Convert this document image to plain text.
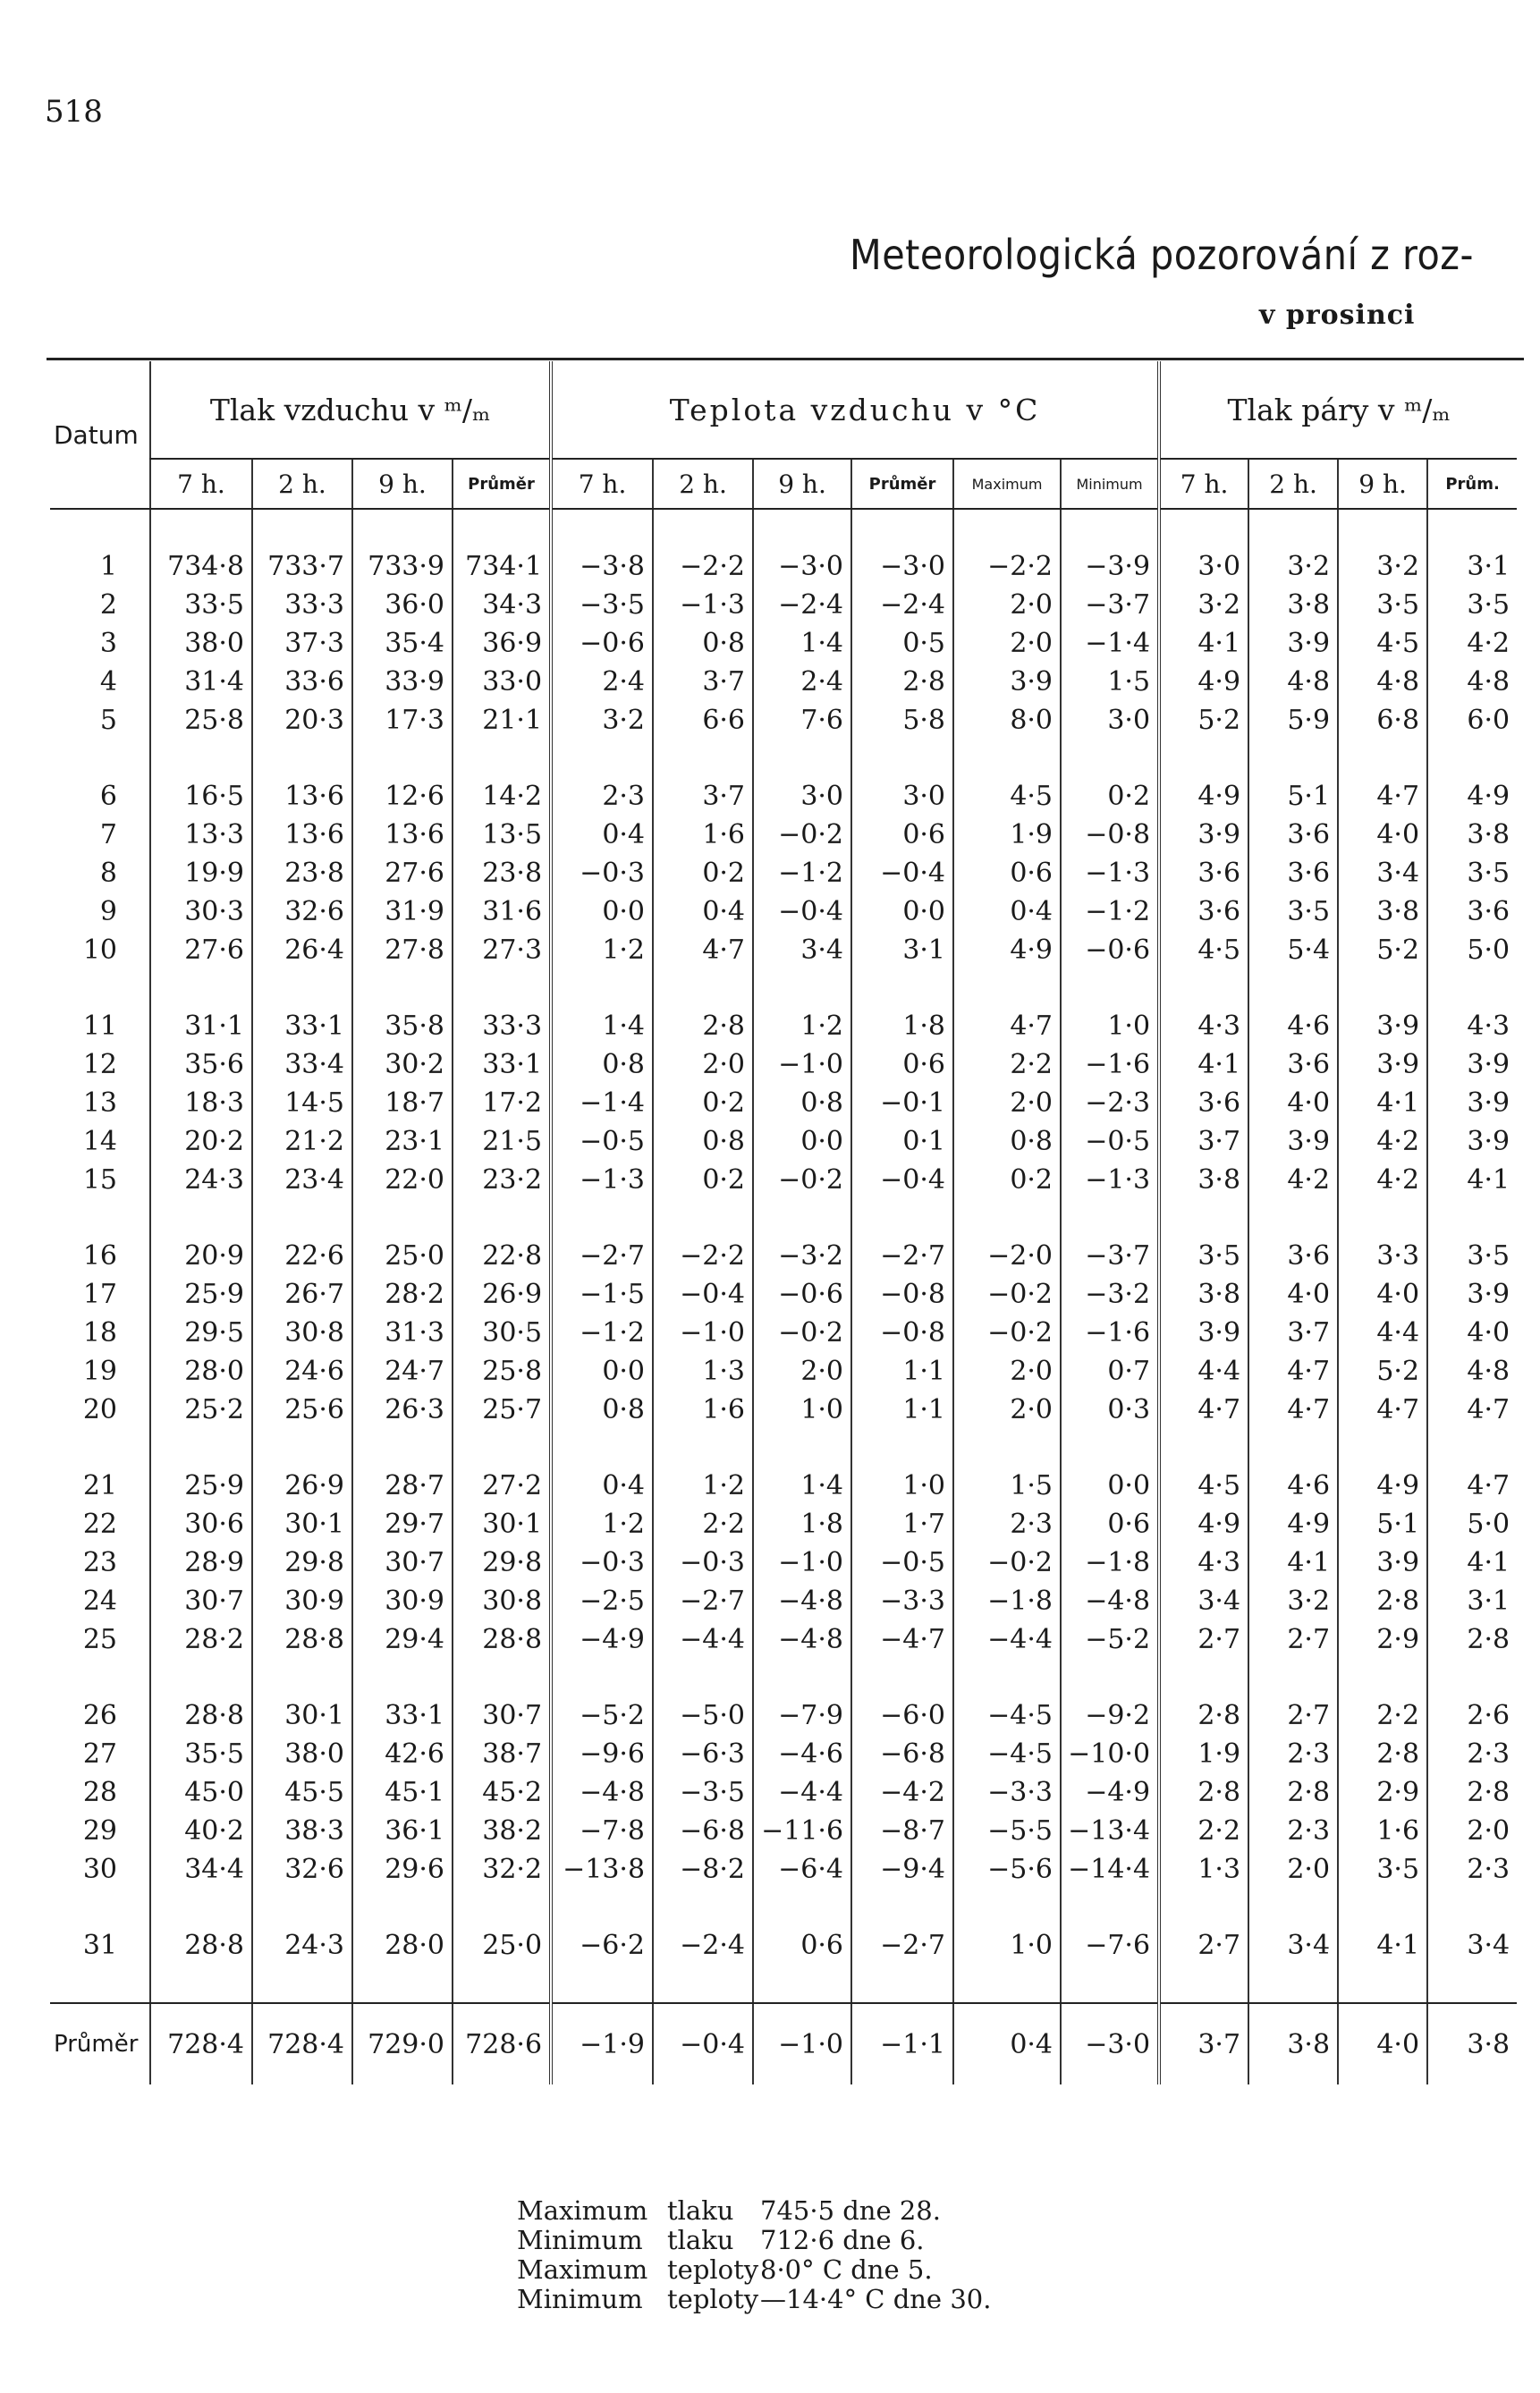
518
Meteorologická pozorování z roz-
v prosinci
Datum	Tlak vzduchu v ᵐ/ₘ				Teplota vzduchu v °C						Tlak páry v ᵐ/ₘ			
	7 h.	2 h.	9 h.	Průměr	7 h.	2 h.	9 h.	Průměr	Maximum	Minimum	7 h.	2 h.	9 h.	Prům.

1	734·8	733·7	733·9	734·1	−3·8	−2·2	−3·0	−3·0	−2·2	−3·9	3·0	3·2	3·2	3·1
2	33·5	33·3	36·0	34·3	−3·5	−1·3	−2·4	−2·4	2·0	−3·7	3·2	3·8	3·5	3·5
3	38·0	37·3	35·4	36·9	−0·6	0·8	1·4	0·5	2·0	−1·4	4·1	3·9	4·5	4·2
4	31·4	33·6	33·9	33·0	2·4	3·7	2·4	2·8	3·9	1·5	4·9	4·8	4·8	4·8
5	25·8	20·3	17·3	21·1	3·2	6·6	7·6	5·8	8·0	3·0	5·2	5·9	6·8	6·0

6	16·5	13·6	12·6	14·2	2·3	3·7	3·0	3·0	4·5	0·2	4·9	5·1	4·7	4·9
7	13·3	13·6	13·6	13·5	0·4	1·6	−0·2	0·6	1·9	−0·8	3·9	3·6	4·0	3·8
8	19·9	23·8	27·6	23·8	−0·3	0·2	−1·2	−0·4	0·6	−1·3	3·6	3·6	3·4	3·5
9	30·3	32·6	31·9	31·6	0·0	0·4	−0·4	0·0	0·4	−1·2	3·6	3·5	3·8	3·6
10	27·6	26·4	27·8	27·3	1·2	4·7	3·4	3·1	4·9	−0·6	4·5	5·4	5·2	5·0

11	31·1	33·1	35·8	33·3	1·4	2·8	1·2	1·8	4·7	1·0	4·3	4·6	3·9	4·3
12	35·6	33·4	30·2	33·1	0·8	2·0	−1·0	0·6	2·2	−1·6	4·1	3·6	3·9	3·9
13	18·3	14·5	18·7	17·2	−1·4	0·2	0·8	−0·1	2·0	−2·3	3·6	4·0	4·1	3·9
14	20·2	21·2	23·1	21·5	−0·5	0·8	0·0	0·1	0·8	−0·5	3·7	3·9	4·2	3·9
15	24·3	23·4	22·0	23·2	−1·3	0·2	−0·2	−0·4	0·2	−1·3	3·8	4·2	4·2	4·1

16	20·9	22·6	25·0	22·8	−2·7	−2·2	−3·2	−2·7	−2·0	−3·7	3·5	3·6	3·3	3·5
17	25·9	26·7	28·2	26·9	−1·5	−0·4	−0·6	−0·8	−0·2	−3·2	3·8	4·0	4·0	3·9
18	29·5	30·8	31·3	30·5	−1·2	−1·0	−0·2	−0·8	−0·2	−1·6	3·9	3·7	4·4	4·0
19	28·0	24·6	24·7	25·8	0·0	1·3	2·0	1·1	2·0	0·7	4·4	4·7	5·2	4·8
20	25·2	25·6	26·3	25·7	0·8	1·6	1·0	1·1	2·0	0·3	4·7	4·7	4·7	4·7

21	25·9	26·9	28·7	27·2	0·4	1·2	1·4	1·0	1·5	0·0	4·5	4·6	4·9	4·7
22	30·6	30·1	29·7	30·1	1·2	2·2	1·8	1·7	2·3	0·6	4·9	4·9	5·1	5·0
23	28·9	29·8	30·7	29·8	−0·3	−0·3	−1·0	−0·5	−0·2	−1·8	4·3	4·1	3·9	4·1
24	30·7	30·9	30·9	30·8	−2·5	−2·7	−4·8	−3·3	−1·8	−4·8	3·4	3·2	2·8	3·1
25	28·2	28·8	29·4	28·8	−4·9	−4·4	−4·8	−4·7	−4·4	−5·2	2·7	2·7	2·9	2·8

26	28·8	30·1	33·1	30·7	−5·2	−5·0	−7·9	−6·0	−4·5	−9·2	2·8	2·7	2·2	2·6
27	35·5	38·0	42·6	38·7	−9·6	−6·3	−4·6	−6·8	−4·5	−10·0	1·9	2·3	2·8	2·3
28	45·0	45·5	45·1	45·2	−4·8	−3·5	−4·4	−4·2	−3·3	−4·9	2·8	2·8	2·9	2·8
29	40·2	38·3	36·1	38·2	−7·8	−6·8	−11·6	−8·7	−5·5	−13·4	2·2	2·3	1·6	2·0
30	34·4	32·6	29·6	32·2	−13·8	−8·2	−6·4	−9·4	−5·6	−14·4	1·3	2·0	3·5	2·3

31	28·8	24·3	28·0	25·0	−6·2	−2·4	0·6	−2·7	1·0	−7·6	2·7	3·4	4·1	3·4

Průměr	728·4	728·4	729·0	728·6	−1·9	−0·4	−1·0	−1·1	0·4	−3·0	3·7	3·8	4·0	3·8
Maximum tlaku 745·5 dne 28.
Minimum tlaku 712·6 dne 6.
Maximum teploty8·0° C dne 5.
Minimum teploty—14·4° C dne 30.
